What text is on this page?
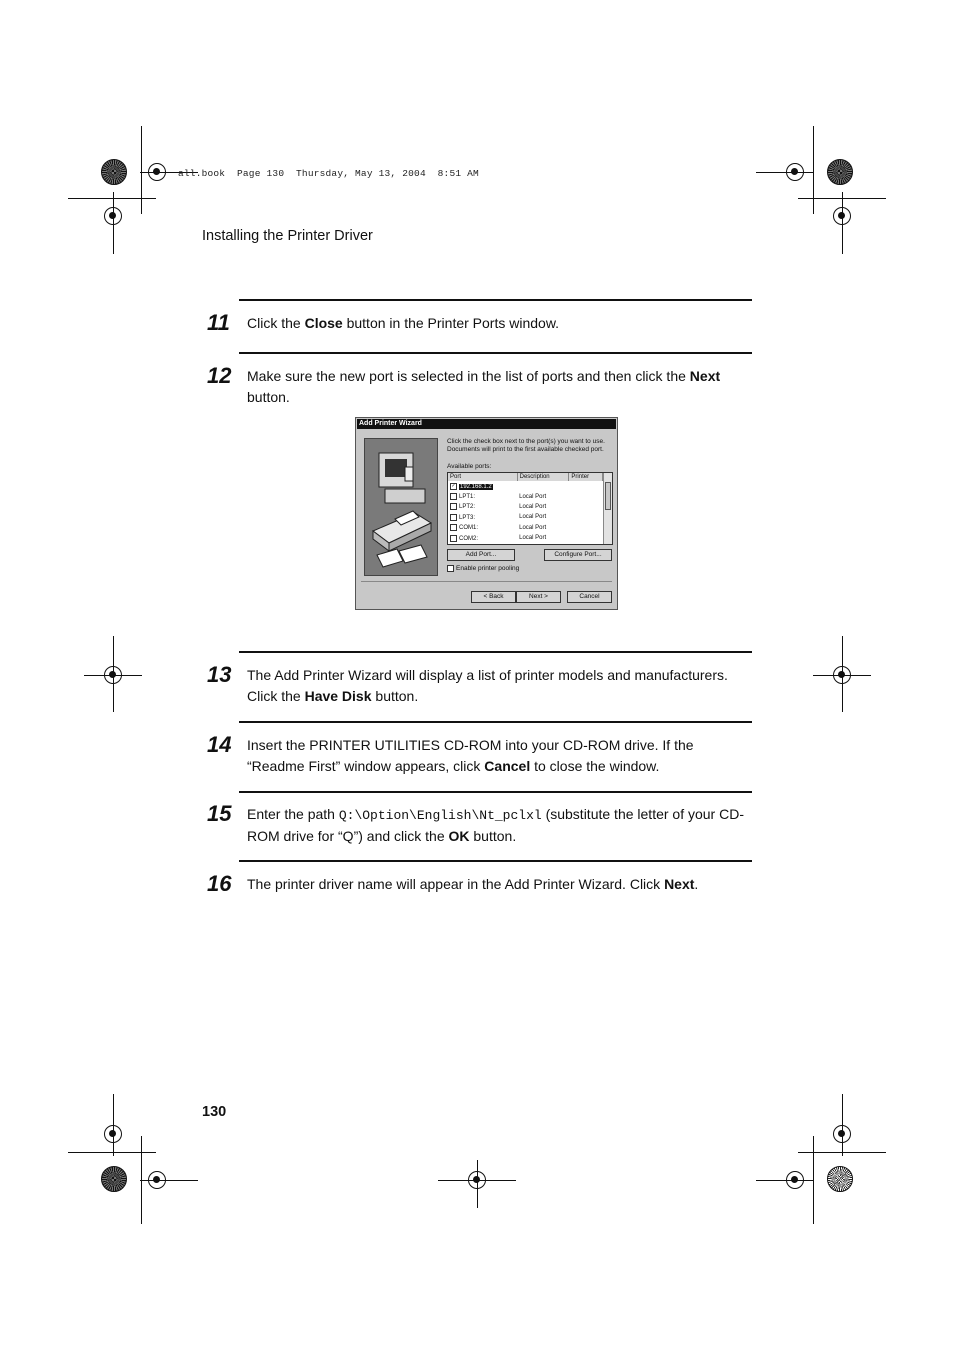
all.book  Page 130  Thursday, May 13, 2004  8:51 AM
Installing the Printer Driver
11 Click the Close button in the Printer Ports window.
12 Make sure the new port is selected in the list of ports and then click the Next button.
Add Printer Wizard
Click the check box next to the port(s) you want to use. Documents will print to the first available checked port.
Available ports:
Port	Description	Printer
✓ 192.168.1.2		
LPT1:	Local Port	
LPT2:	Local Port	
LPT3:	Local Port	
COM1:	Local Port	
COM2:	Local Port	
Add Port...	Configure Port...
Enable printer pooling
< Back	Next >	Cancel
13 The Add Printer Wizard will display a list of printer models and manufacturers.
Click the Have Disk button.
14 Insert the PRINTER UTILITIES CD-ROM into your CD-ROM drive. If the
“Readme First” window appears, click Cancel to close the window.
15 Enter the path Q:\Option\English\Nt_pclxl (substitute the letter of your CD-ROM drive for “Q”) and click the OK button.
16 The printer driver name will appear in the Add Printer Wizard. Click Next.
130
